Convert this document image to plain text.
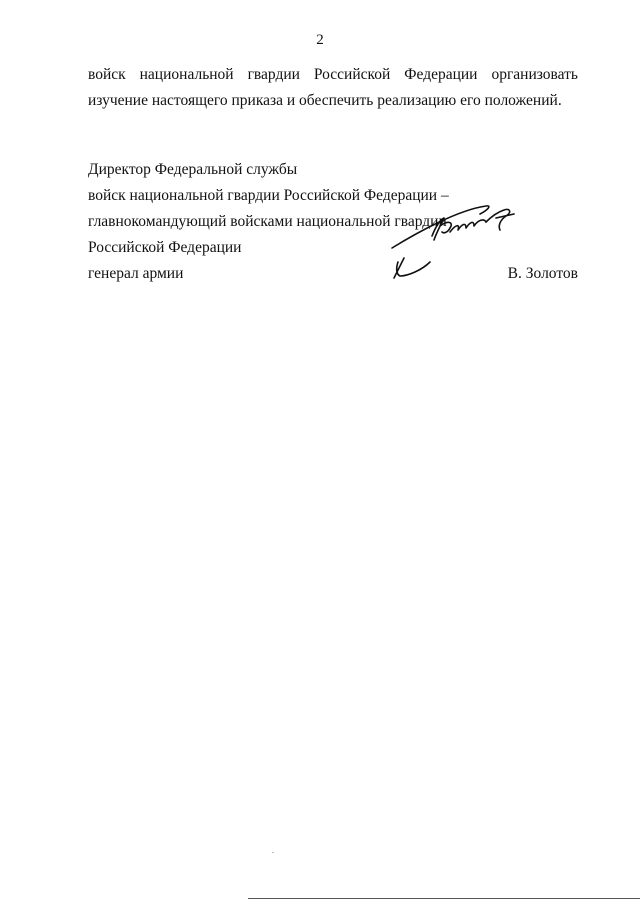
2
войск национальной гвардии Российской Федерации организовать
изучение настоящего приказа и обеспечить реализацию его положений.
Директор Федеральной службы
войск национальной гвардии Российской Федерации –
главнокомандующий войсками национальной гвардии
Российской Федерации
генерал армии	В. Золотов
